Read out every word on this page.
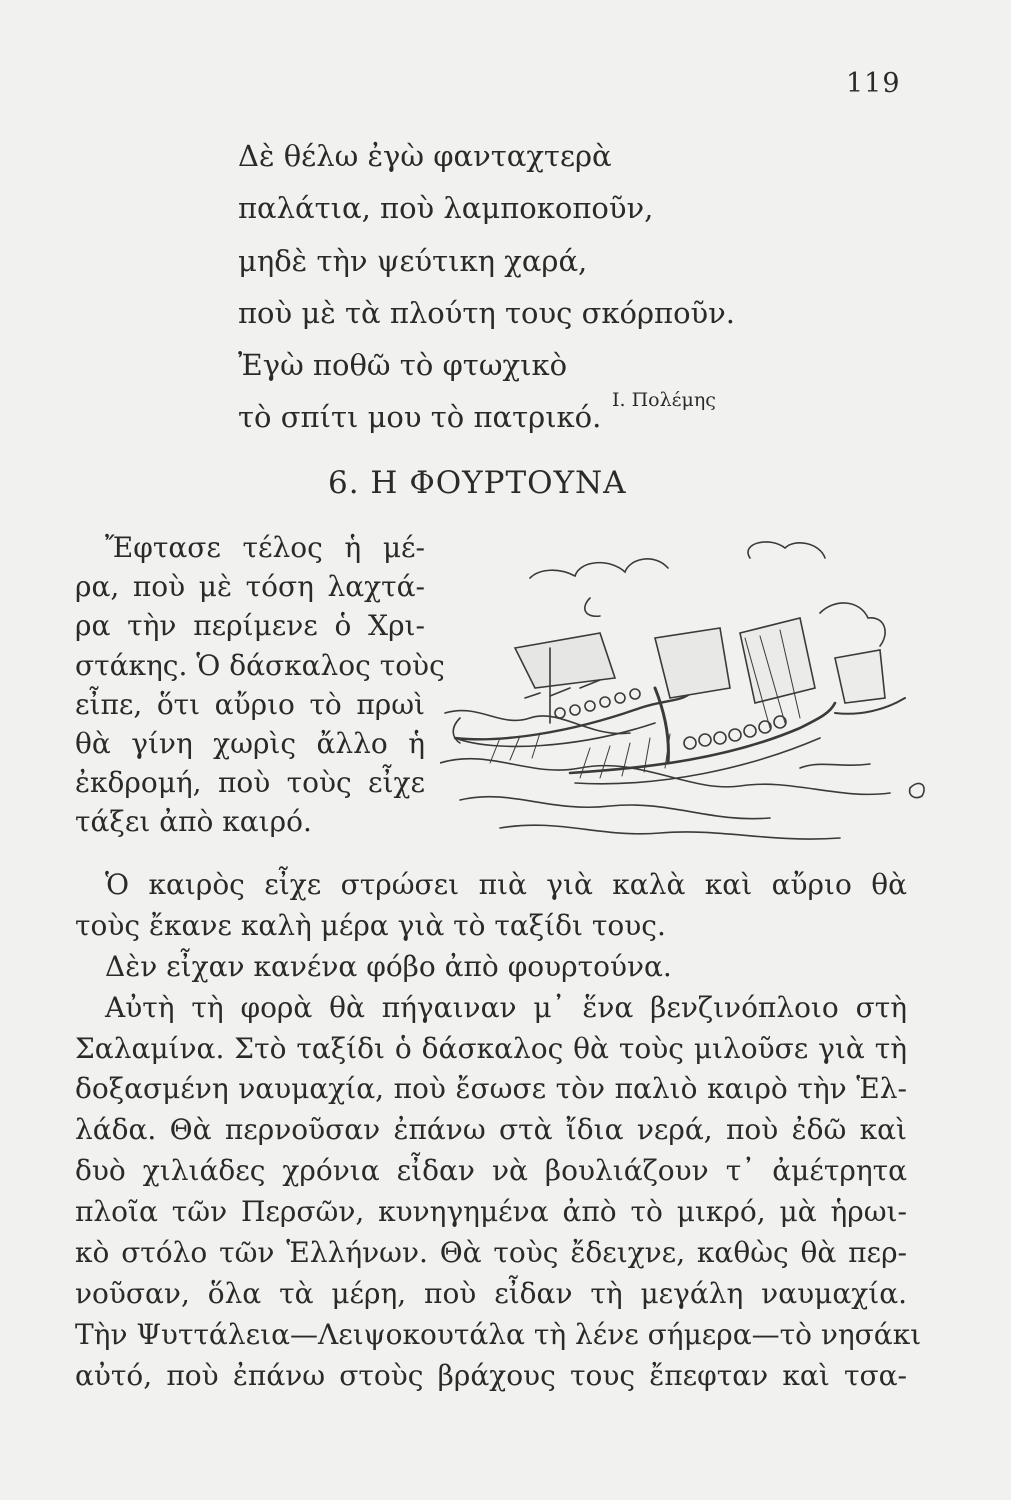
119
Δὲ θέλω ἐγὼ φανταχτερὰ
παλάτια, ποὺ λαμποκοποῦν,
μηδὲ τὴν ψεύτικη χαρά,
ποὺ μὲ τὰ πλούτη τους σκόρποῦν.
Ἐγὼ ποθῶ τὸ φτωχικὸ
τὸ σπίτι μου τὸ πατρικό.
Ι. Πολέμης
6. Η ΦΟΥΡΤΟΥΝΑ
Ἔφτασε τέλος ἡ μέ-
ρα, ποὺ μὲ τόση λαχτά-
ρα τὴν περίμενε ὁ Χρι-
στάκης. Ὁ δάσκαλος τοὺς
εἶπε, ὅτι αὔριο τὸ πρωὶ
θὰ γίνη χωρὶς ἄλλο ἡ
ἐκδρομή, ποὺ τοὺς εἶχε
τάξει ἀπὸ καιρό.
Ὁ καιρὸς εἶχε στρώσει πιὰ γιὰ καλὰ καὶ αὔριο θὰ
τοὺς ἔκανε καλὴ μέρα γιὰ τὸ ταξίδι τους.
Δὲν εἶχαν κανένα φόβο ἀπὸ φουρτούνα.
Αὐτὴ τὴ φορὰ θὰ πήγαιναν μ᾽ ἕνα βενζινόπλοιο στὴ
Σαλαμίνα. Στὸ ταξίδι ὁ δάσκαλος θὰ τοὺς μιλοῦσε γιὰ τὴ
δοξασμένη ναυμαχία, ποὺ ἔσωσε τὸν παλιὸ καιρὸ τὴν Ἑλ-
λάδα. Θὰ περνοῦσαν ἐπάνω στὰ ἴδια νερά, ποὺ ἐδῶ καὶ
δυὸ χιλιάδες χρόνια εἶδαν νὰ βουλιάζουν τ᾽ ἀμέτρητα
πλοῖα τῶν Περσῶν, κυνηγημένα ἀπὸ τὸ μικρό, μὰ ἡρωι-
κὸ στόλο τῶν Ἑλλήνων. Θὰ τοὺς ἔδειχνε, καθὼς θὰ περ-
νοῦσαν, ὅλα τὰ μέρη, ποὺ εἶδαν τὴ μεγάλη ναυμαχία.
Τὴν Ψυττάλεια—Λειψοκουτάλα τὴ λένε σήμερα—τὸ νησάκι
αὐτό, ποὺ ἐπάνω στοὺς βράχους τους ἔπεφταν καὶ τσα-
